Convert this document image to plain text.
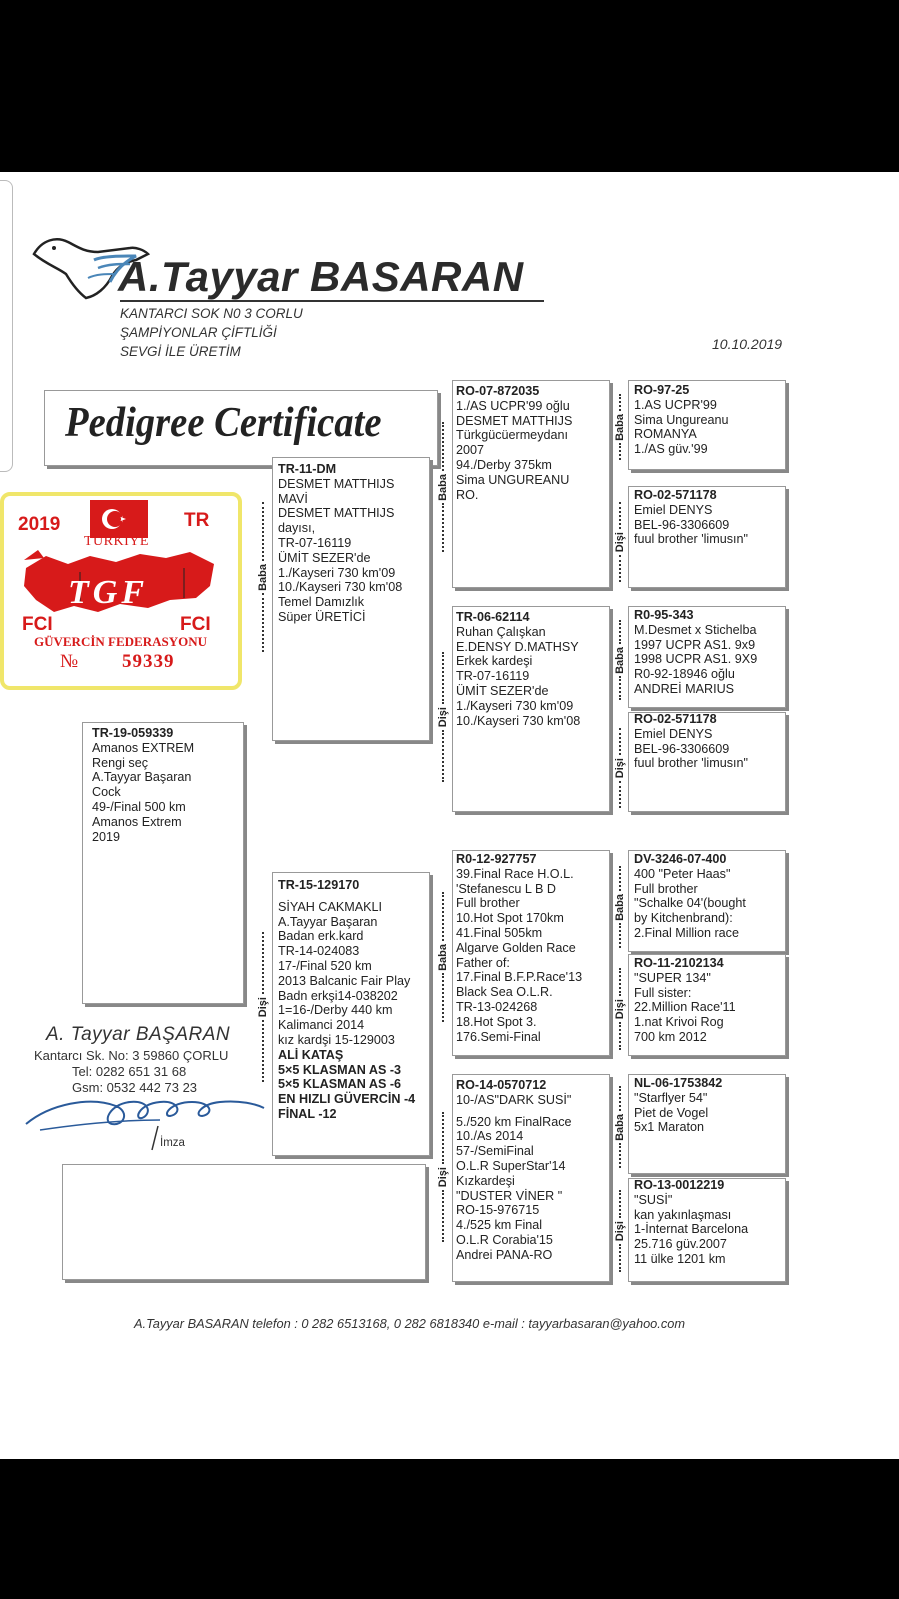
A.Tayyar BASARAN
KANTARCI SOK N0 3 CORLU
ŞAMPİYONLAR ÇİFTLİĞİ
SEVGİ İLE ÜRETİM	10.10.2019
Pedigree Certificate
2019	TR
TÜRKİYE
TGF
FCI	FCI
GÜVERCİN FEDERASYONU
№ 59339
TR-19-059339
Amanos EXTREM
Rengi seç
A.Tayyar Başaran
Cock
49-/Final 500 km
Amanos Extrem
2019
Baba
TR-11-DM
DESMET MATTHIJS
MAVİ
DESMET MATTHIJS
dayısı,
TR-07-16119
ÜMİT SEZER'de
1./Kayseri 730 km'09
10./Kayseri 730 km'08
Temel Damızlık
Süper ÜRETİCİ
Dişi
TR-15-129170
SİYAH CAKMAKLI
A.Tayyar Başaran
Badan erk.kard
TR-14-024083
17-/Final 520 km
2013 Balcanic Fair Play
Badn erkşi14-038202
1=16-/Derby 440 km
Kalimanci 2014
kız kardşi 15-129003
ALİ KATAŞ
5×5 KLASMAN AS -3
5×5 KLASMAN AS -6
EN HIZLI GÜVERCİN -4
FİNAL -12
Baba
RO-07-872035
1./AS UCPR'99 oğlu
DESMET MATTHIJS
Türkgücüermeydanı
2007
94./Derby 375km
Sima UNGUREANU
RO.
Dişi
TR-06-62114
Ruhan Çalışkan
E.DENSY D.MATHSY
Erkek kardeşi
TR-07-16119
ÜMİT SEZER'de
1./Kayseri 730 km'09
10./Kayseri 730 km'08
Baba
R0-12-927757
39.Final Race H.O.L.
'Stefanescu L B D
Full brother
10.Hot Spot 170km
41.Final 505km
Algarve Golden Race
Father of:
17.Final B.F.P.Race'13
Black Sea O.L.R.
TR-13-024268
18.Hot Spot 3.
176.Semi-Final
Dişi
RO-14-0570712
10-/AS"DARK SUSİ"
5./520 km FinalRace
10./As 2014
57-/SemiFinal
O.L.R SuperStar'14
Kızkardeşi
"DUSTER VİNER "
RO-15-976715
4./525 km Final
O.L.R Corabia'15
Andrei PANA-RO
Baba
RO-97-25
1.AS UCPR'99
Sima Ungureanu
ROMANYA
1./AS güv.'99
Dişi
RO-02-571178
Emiel DENYS
BEL-96-3306609
fuul brother 'limusın"
Baba
R0-95-343
M.Desmet x Stichelba
1997 UCPR AS1. 9x9
1998 UCPR AS1. 9X9
R0-92-18946 oğlu
ANDREİ MARIUS
Dişi
RO-02-571178
Emiel DENYS
BEL-96-3306609
fuul brother 'limusın"
Baba
DV-3246-07-400
400 "Peter Haas"
Full brother
"Schalke 04'(bought
by Kitchenbrand):
2.Final Million race
Dişi
RO-11-2102134
"SUPER 134"
Full sister:
22.Million Race'11
1.nat Krivoi Rog
700 km 2012
Baba
NL-06-1753842
"Starflyer 54"
Piet de Vogel
5x1 Maraton
Dişi
RO-13-0012219
"SUSİ"
kan yakınlaşması
1-İnternat Barcelona
25.716 güv.2007
11 ülke 1201 km
A. Tayyar BAŞARAN
Kantarcı Sk. No: 3 59860 ÇORLU
Tel: 0282 651 31 68
Gsm: 0532 442 73 23
İmza
A.Tayyar BASARAN telefon : 0 282 6513168, 0 282 6818340 e-mail : tayyarbasaran@yahoo.com
